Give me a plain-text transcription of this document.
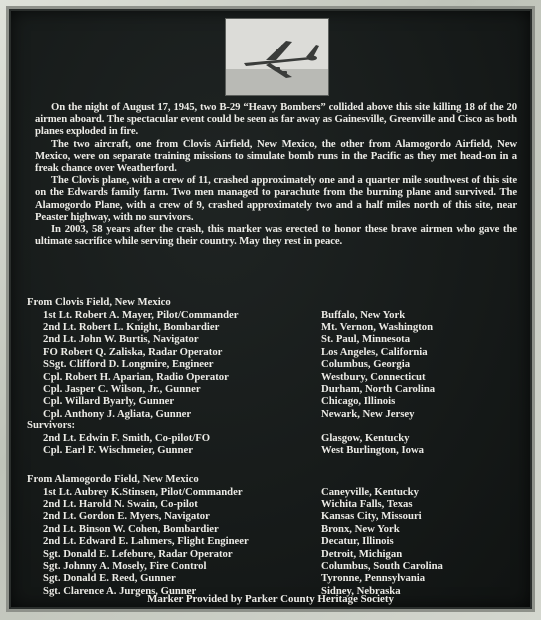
On the night of August 17, 1945, two B-29 “Heavy Bombers” collided above this site killing 18 of the 20 airmen aboard. The spectacular event could be seen as far away as Gainesville, Greenville and Cisco as both planes exploded in fire.

The two aircraft, one from Clovis Airfield, New Mexico, the other from Alamogordo Airfield, New Mexico, were on separate training missions to simulate bomb runs in the Pacific as they met head-on in a freak chance over Weatherford.

The Clovis plane, with a crew of 11, crashed approximately one and a quarter mile southwest of this site on the Edwards family farm. Two men managed to parachute from the burning plane and survived. The Alamogordo Plane, with a crew of 9, crashed approximately two and a half miles north of this site, near Peaster highway, with no survivors.

In 2003, 58 years after the crash, this marker was erected to honor these brave airmen who gave the ultimate sacrifice while serving their country. May they rest in peace.

From Clovis Field, New Mexico
1st Lt. Robert A. Mayer, Pilot/Commander	Buffalo, New York
2nd Lt. Robert L. Knight, Bombardier	Mt. Vernon, Washington
2nd Lt. John W. Burtis, Navigator	St. Paul, Minnesota
FO Robert Q. Zaliska, Radar Operator	Los Angeles, California
SSgt. Clifford D. Longmire, Engineer	Columbus, Georgia
Cpl. Robert H. Aparian, Radio Operator	Westbury, Connecticut
Cpl. Jasper C. Wilson, Jr., Gunner	Durham, North Carolina
Cpl. Willard Byarly, Gunner	Chicago, Illinois
Cpl. Anthony J. Agliata, Gunner	Newark, New Jersey
Survivors:
2nd Lt. Edwin F. Smith, Co-pilot/FO	Glasgow, Kentucky
Cpl. Earl F. Wischmeier, Gunner	West Burlington, Iowa
From Alamogordo Field, New Mexico
1st Lt. Aubrey K.Stinsen, Pilot/Commander	Caneyville, Kentucky
2nd Lt. Harold N. Swain, Co-pilot	Wichita Falls, Texas
2nd Lt. Gordon E. Myers, Navigator	Kansas City, Missouri
2nd Lt. Binson W. Cohen, Bombardier	Bronx, New York
2nd Lt. Edward E. Lahmers, Flight Engineer	Decatur, Illinois
Sgt. Donald E. Lefebure, Radar Operator	Detroit, Michigan
Sgt. Johnny A. Mosely, Fire Control	Columbus, South Carolina
Sgt. Donald E. Reed, Gunner	Tyronne, Pennsylvania
Sgt. Clarence A. Jurgens, Gunner	Sidney, Nebraska
Marker Provided by Parker County Heritage Society
